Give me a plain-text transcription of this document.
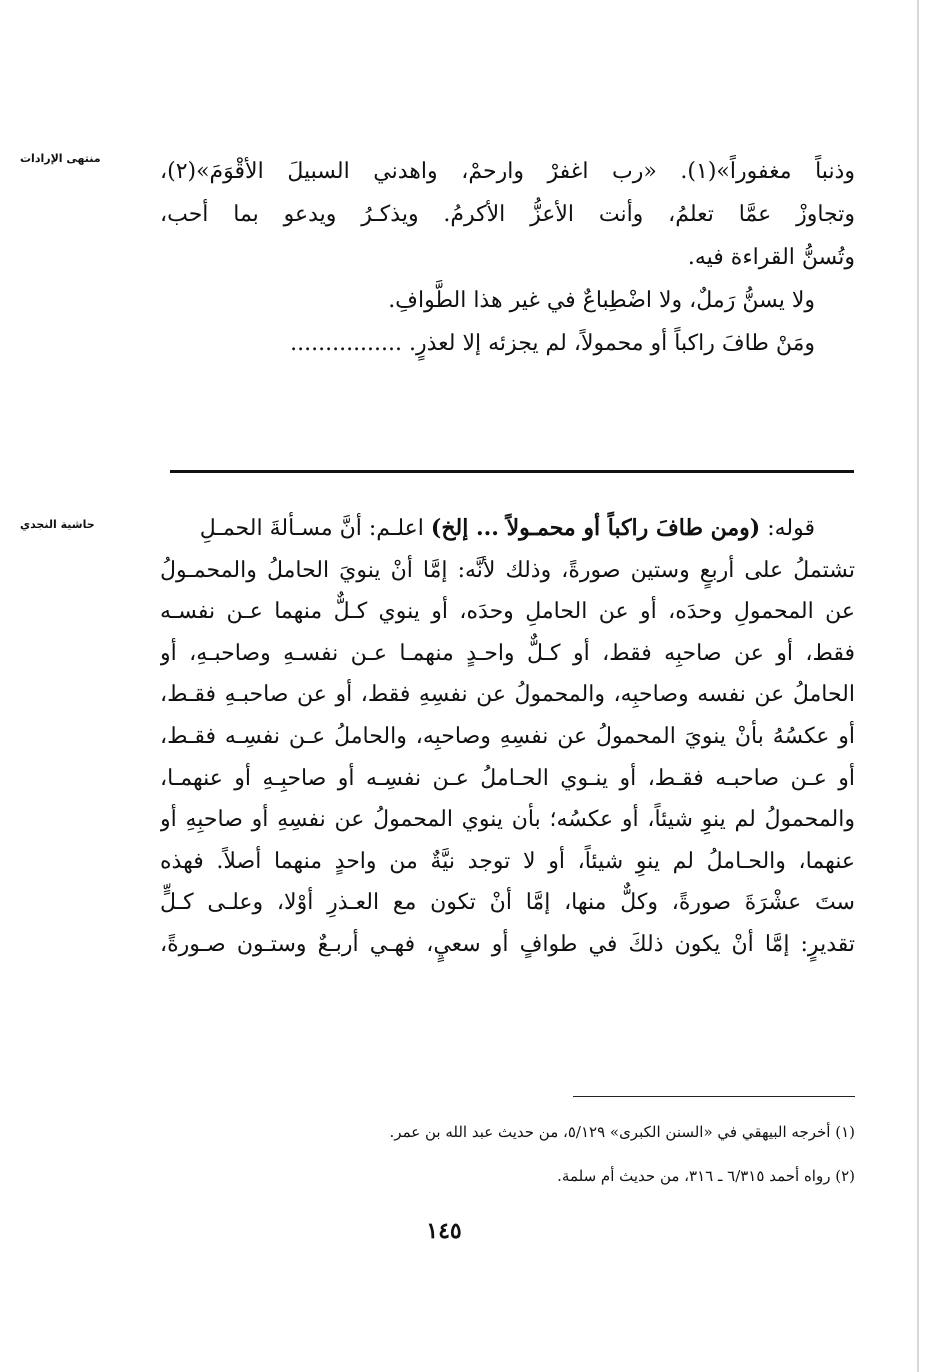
منتهى الإرادات
حاشية النجدي
وذنباً مغفوراً»(١). «رب اغفرْ وارحمْ، واهدني السبيلَ الأقْوَمَ»(٢)،
وتجاوزْ عمَّا تعلمُ، وأنت الأعزُّ الأكرمُ. ويذكـرُ ويدعو بما أحب،
وتُسنُّ القراءة فيه.
ولا يسنُّ رَملٌ، ولا اضْطِباعٌ في غير هذا الطَّوافِ.
ومَنْ طافَ راكباً أو محمولاً، لم يجزئه إلا لعذرٍ. ................
قوله: (ومن طافَ راكباً أو محمـولاً ... إلخ) اعلـم: أنَّ مسـألةَ الحمـلِ
تشتملُ على أربعٍ وستين صورةً، وذلك لأنَّه: إمَّا أنْ ينويَ الحاملُ والمحمـولُ
عن المحمولِ وحدَه، أو عن الحاملِ وحدَه، أو ينوي كـلٌّ منهما عـن نفسـه
فقط، أو عن صاحبِه فقط، أو كـلٌّ واحـدٍ منهمـا عـن نفسـهِ وصاحبـهِ، أو
الحاملُ عن نفسه وصاحبِه، والمحمولُ عن نفسِهِ فقط، أو عن صاحبـهِ فقـط،
أو عكسُهُ بأنْ ينويَ المحمولُ عن نفسِهِ وصاحبِه، والحاملُ عـن نفسِـه فقـط،
أو عـن صاحبـه فقـط، أو ينـوي الحـاملُ عـن نفسِـه أو صاحبِـهِ أو عنهمـا،
والمحمولُ لم ينوِ شيئاً، أو عكسُه؛ بأن ينوي المحمولُ عن نفسِهِ أو صاحبِهِ أو
عنهما، والحـاملُ لم ينوِ شيئاً، أو لا توجد نيَّةٌ من واحدٍ منهما أصلاً. فهذه
ستَ عشْرَةَ صورةً، وكلٌّ منها، إمَّا أنْ تكون مع العـذرِ أوْلا، وعلـى كـلٍّ
تقديرٍ: إمَّا أنْ يكون ذلكَ في طوافٍ أو سعيٍ، فهـي أربـعٌ وستـون صـورةً،
(١) أخرجه البيهقي في «السنن الكبرى» ٥/١٢٩، من حديث عبد الله بن عمر.
(٢) رواه أحمد ٦/٣١٥ ـ ٣١٦، من حديث أم سلمة.
١٤٥
